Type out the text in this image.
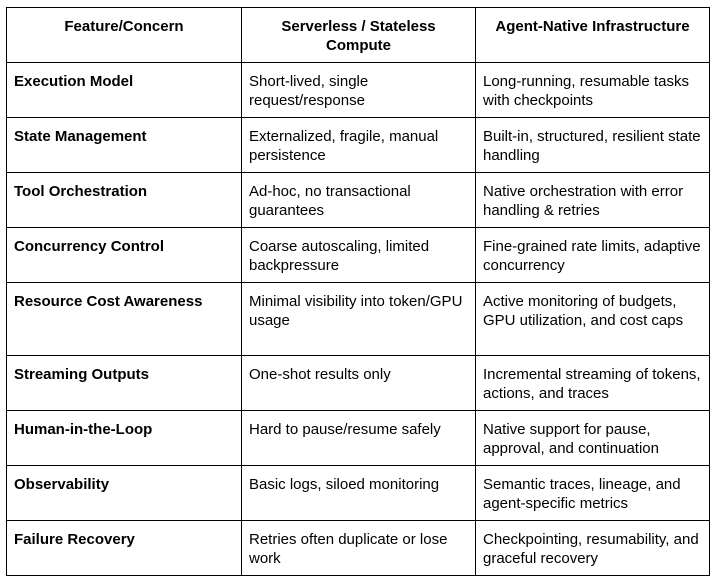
Feature/Concern	Serverless / Stateless Compute	Agent-Native Infrastructure
Execution Model	Short-lived, single request/response	Long-running, resumable tasks with checkpoints
State Management	Externalized, fragile, manual persistence	Built-in, structured, resilient state handling
Tool Orchestration	Ad-hoc, no transactional guarantees	Native orchestration with error handling & retries
Concurrency Control	Coarse autoscaling, limited backpressure	Fine-grained rate limits, adaptive concurrency
Resource Cost Awareness	Minimal visibility into token/GPU usage	Active monitoring of budgets, GPU utilization, and cost caps
Streaming Outputs	One-shot results only	Incremental streaming of tokens, actions, and traces
Human-in-the-Loop	Hard to pause/resume safely	Native support for pause, approval, and continuation
Observability	Basic logs, siloed monitoring	Semantic traces, lineage, and agent-specific metrics
Failure Recovery	Retries often duplicate or lose work	Checkpointing, resumability, and graceful recovery
